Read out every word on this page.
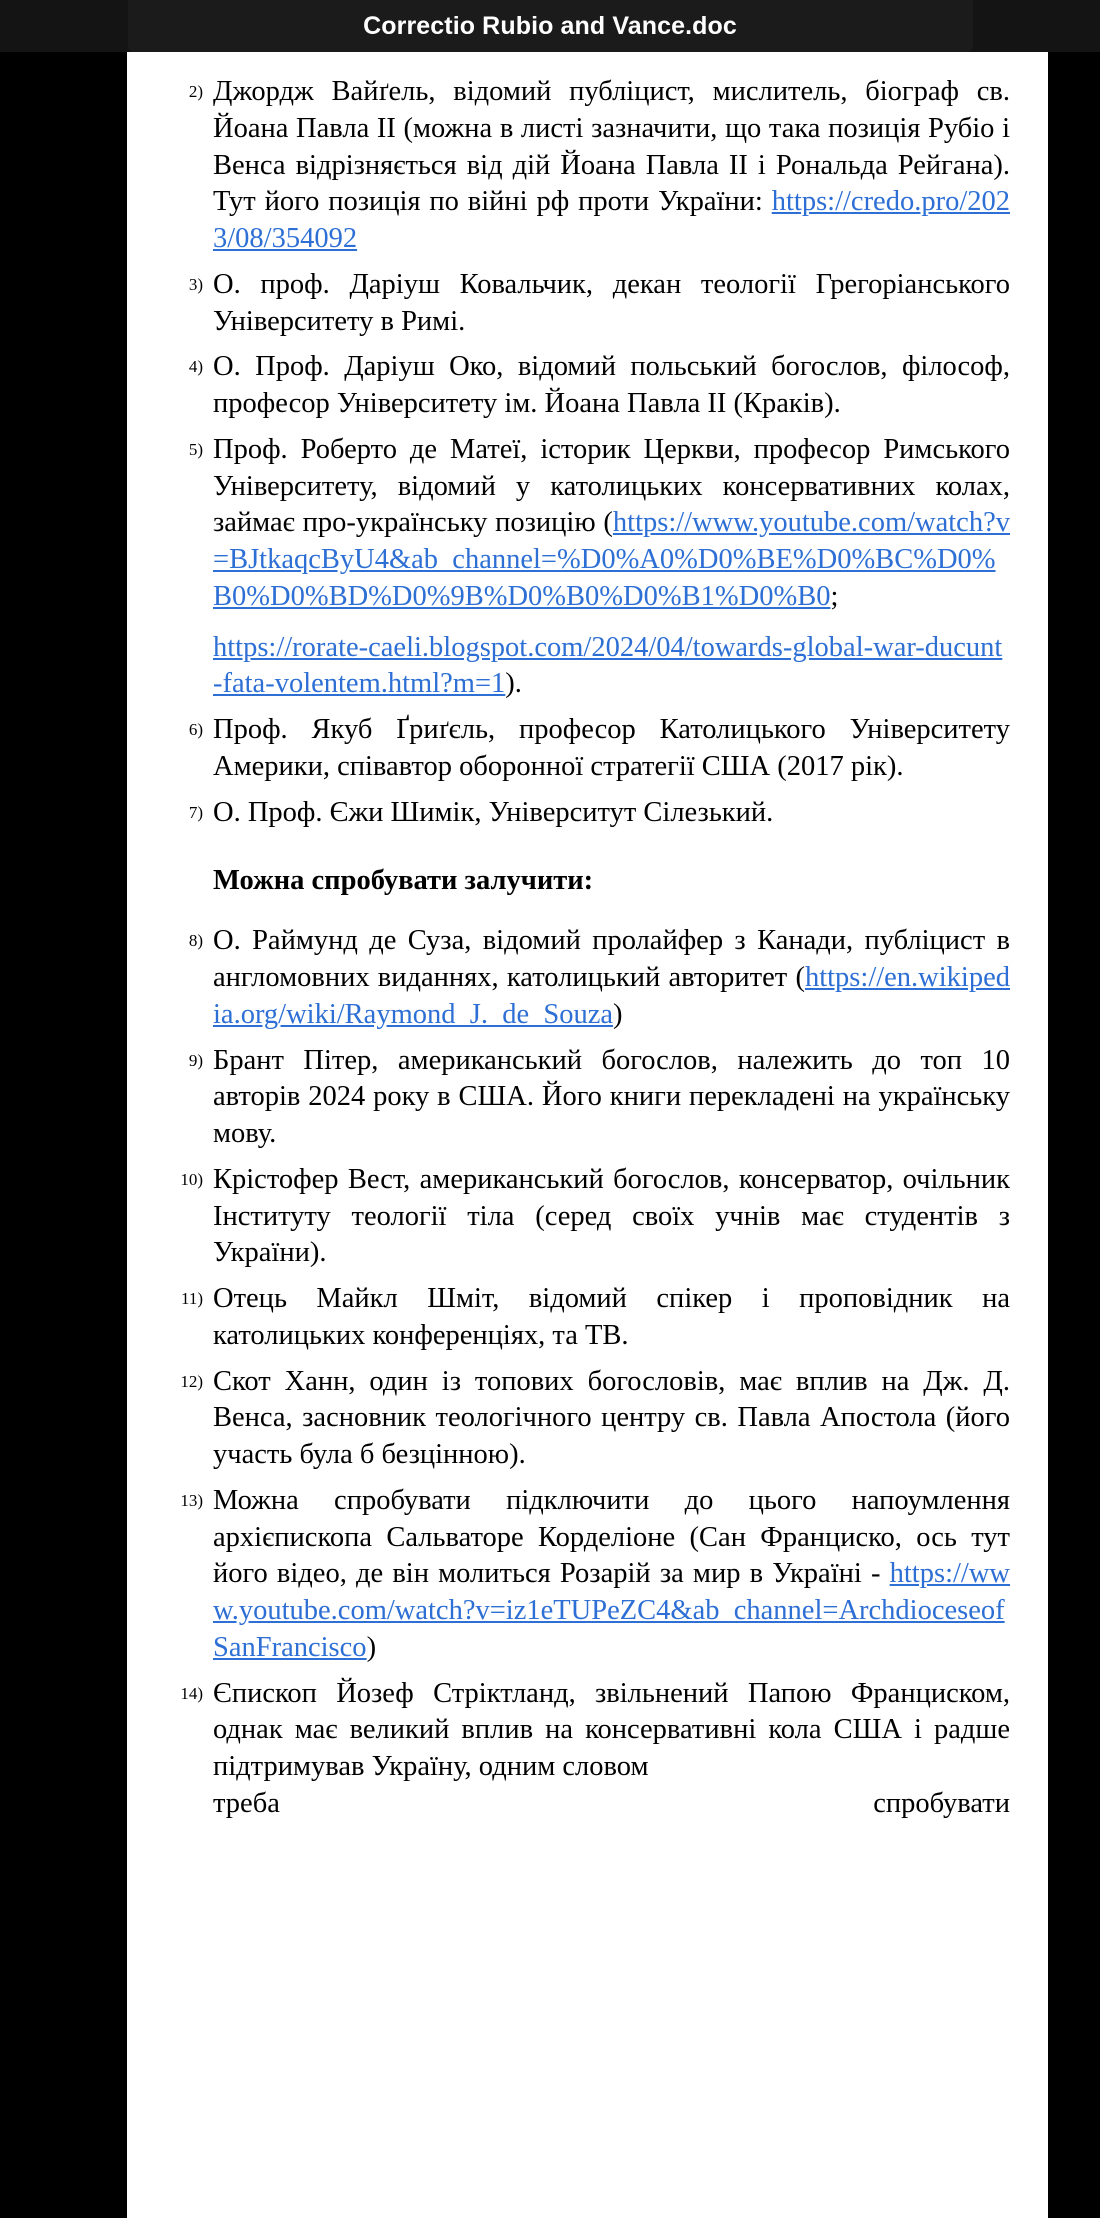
Correctio Rubio and Vance.doc
2) Джордж Вайґель, відомий публіцист, мислитель, біограф св. Йоана Павла ІІ (можна в листі зазначити, що така позиція Рубіо і Венса відрізняється від дій Йоана Павла ІІ і Рональда Рейгана). Тут його позиція по війні рф проти України: https://credo.pro/2023/08/354092
3) О. проф. Даріуш Ковальчик, декан теології Грегоріанського Університету в Римі.
4) О. Проф. Даріуш Око, відомий польський богослов, філософ, професор Університету ім. Йоана Павла ІІ (Краків).
5) Проф. Роберто де Матеї, історик Церкви, професор Римського Університету, відомий у католицьких консервативних колах, займає про-українську позицію (https://www.youtube.com/watch?v=BJtkaqcByU4&ab_channel=%D0%A0%D0%BE%D0%BC%D0%B0%D0%BD%D0%9B%D0%B0%D0%B1%D0%B0;
https://rorate-caeli.blogspot.com/2024/04/towards-global-war-ducunt-fata-volentem.html?m=1).
6) Проф. Якуб Ґриґєль, професор Католицького Університету Америки, співавтор оборонної стратегії США (2017 рік).
7) О. Проф. Єжи Шимік, Університут Сілезький.
Можна спробувати залучити:
8) О. Раймунд де Суза, відомий пролайфер з Канади, публіцист в англомовних виданнях, католицький авторитет (https://en.wikipedia.org/wiki/Raymond_J._de_Souza)
9) Брант Пітер, американський богослов, належить до топ 10 авторів 2024 року в США. Його книги перекладені на українську мову.
10) Крістофер Вест, американський богослов, консерватор, очільник Інституту теології тіла (серед своїх учнів має студентів з України).
11) Отець Майкл Шміт, відомий спікер і проповідник на католицьких конференціях, та ТВ.
12) Скот Ханн, один із топових богословів, має вплив на Дж. Д. Венса, засновник теологічного центру св. Павла Апостола (його участь була б безцінною).
13) Можна спробувати підключити до цього напоумлення архієпископа Сальваторе Корделіоне (Сан Франциско, ось тут його відео, де він молиться Розарій за мир в Україні - https://www.youtube.com/watch?v=iz1eTUPeZC4&ab_channel=ArchdioceseofSanFrancisco)
14) Єпископ Йозеф Стріктланд, звільнений Папою Франциском, однак має великий вплив на консервативні кола США і радше підтримував Україну, одним словом
треба	спробувати
